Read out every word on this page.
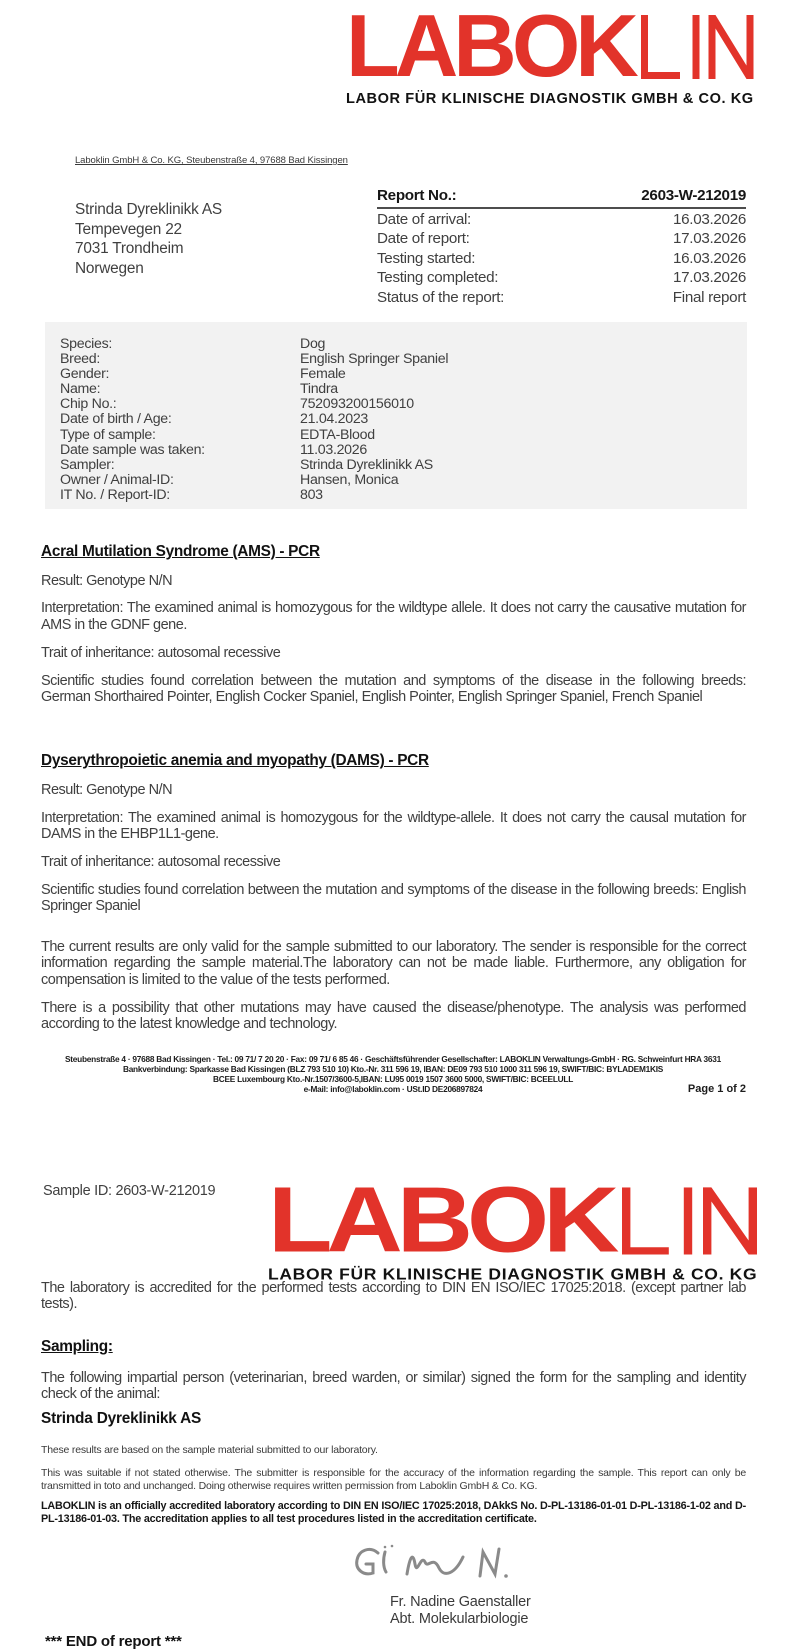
LABOK
LABOR FÜR KLINISCHE DIAGNOSTIK GMBH & CO. KG
Laboklin GmbH & Co. KG, Steubenstraße 4, 97688 Bad Kissingen
Strinda Dyreklinikk AS
Tempevegen 22
7031 Trondheim
Norwegen
Report No.:	2603-W-212019
Date of arrival:	16.03.2026
Date of report:	17.03.2026
Testing started:	16.03.2026
Testing completed:	17.03.2026
Status of the report:	Final report
Species:	Dog
Breed:	English Springer Spaniel
Gender:	Female
Name:	Tindra
Chip No.:	752093200156010
Date of birth / Age:	21.04.2023
Type of sample:	EDTA-Blood
Date sample was taken:	11.03.2026
Sampler:	Strinda Dyreklinikk AS
Owner / Animal-ID:	Hansen, Monica
IT No. / Report-ID:	803
Acral Mutilation Syndrome (AMS) - PCR

Result: Genotype N/N

Interpretation: The examined animal is homozygous for the wildtype allele. It does not carry the causative mutation for AMS in the GDNF gene.

Trait of inheritance: autosomal recessive

Scientific studies found correlation between the mutation and symptoms of the disease in the following breeds: German Shorthaired Pointer, English Cocker Spaniel, English Pointer, English Springer Spaniel, French Spaniel

Dyserythropoietic anemia and myopathy (DAMS) - PCR

Result: Genotype N/N

Interpretation: The examined animal is homozygous for the wildtype-allele. It does not carry the causal mutation for DAMS in the EHBP1L1-gene.

Trait of inheritance: autosomal recessive

Scientific studies found correlation between the mutation and symptoms of the disease in the following breeds: English Springer Spaniel

The current results are only valid for the sample submitted to our laboratory. The sender is responsible for the correct information regarding the sample material.The laboratory can not be made liable. Furthermore, any obligation for compensation is limited to the value of the tests performed.

There is a possibility that other mutations may have caused the disease/phenotype. The analysis was performed according to the latest knowledge and technology.

Steubenstraße 4 · 97688 Bad Kissingen · Tel.: 09 71/ 7 20 20 · Fax: 09 71/ 6 85 46 · Geschäftsführender Gesellschafter: LABOKLIN Verwaltungs-GmbH · RG. Schweinfurt HRA 3631
Bankverbindung: Sparkasse Bad Kissingen (BLZ 793 510 10) Kto.-Nr. 311 596 19, IBAN: DE09 793 510 1000 311 596 19, SWIFT/BIC: BYLADEM1KIS
BCEE Luxembourg Kto.-Nr.1507/3600-5,IBAN: LU95 0019 1507 3600 5000, SWIFT/BIC: BCEELULL
e-Mail: info@laboklin.com · USt.ID DE206897824	Page 1 of 2
Sample ID: 2603-W-212019 LABOK
LABOR FÜR KLINISCHE DIAGNOSTIK GMBH & CO. KG
The laboratory is accredited for the performed tests according to DIN EN ISO/IEC 17025:2018. (except partner lab tests).
Sampling:
The following impartial person (veterinarian, breed warden, or similar) signed the form for the sampling and identity check of the animal:
Strinda Dyreklinikk AS
These results are based on the sample material submitted to our laboratory.
This was suitable if not stated otherwise. The submitter is responsible for the accuracy of the information regarding the sample. This report can only be transmitted in toto and unchanged. Doing otherwise requires written permission from Laboklin GmbH & Co. KG.
LABOKLIN is an officially accredited laboratory according to DIN EN ISO/IEC 17025:2018, DAkkS No. D-PL-13186-01-01 D-PL-13186-1-02 and D-PL-13186-01-03. The accreditation applies to all test procedures listed in the accreditation certificate.
Fr. Nadine Gaenstaller
Abt. Molekularbiologie
*** END of report ***
